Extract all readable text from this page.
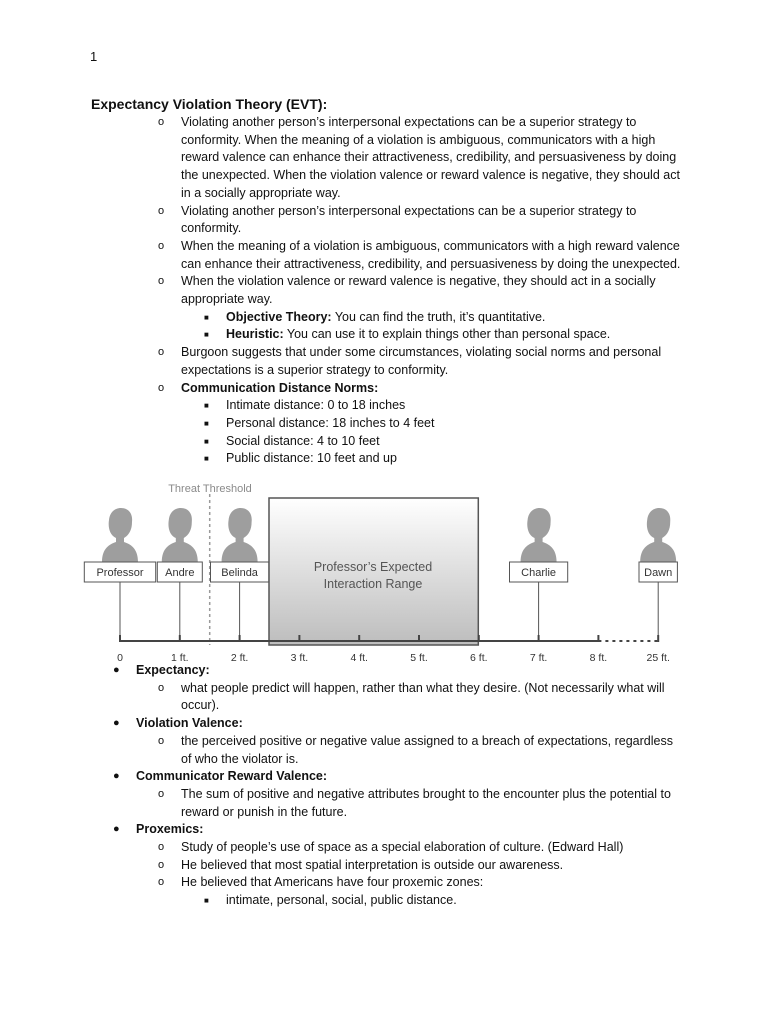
1
Expectancy Violation Theory (EVT):
o Violating another person’s interpersonal expectations can be a superior strategy to conformity. When the meaning of a violation is ambiguous, communicators with a high reward valence can enhance their attractiveness, credibility, and persuasiveness by doing the unexpected. When the violation valence or reward valence is negative, they should act in a socially appropriate way.
o Violating another person’s interpersonal expectations can be a superior strategy to conformity.
o When the meaning of a violation is ambiguous, communicators with a high reward valence can enhance their attractiveness, credibility, and persuasiveness by doing the unexpected.
o When the violation valence or reward valence is negative, they should act in a socially appropriate way.
■ Objective Theory: You can find the truth, it’s quantitative.
■ Heuristic: You can use it to explain things other than personal space.
o Burgoon suggests that under some circumstances, violating social norms and personal expectations is a superior strategy to conformity.
o Communication Distance Norms:
■ Intimate distance: 0 to 18 inches
■ Personal distance: 18 inches to 4 feet
■ Social distance: 4 to 10 feet
■ Public distance: 10 feet and up
Professor’s Expected
Interaction Range
Threat Threshold
Professor Andre Belinda	Charlie	Dawn
0	1 ft.	2 ft.	3 ft.	4 ft.	5 ft.	6 ft.	7 ft.	8 ft.	25 ft.
● Expectancy:
o what people predict will happen, rather than what they desire. (Not necessarily what will occur).
● Violation Valence:
o the perceived positive or negative value assigned to a breach of expectations, regardless of who the violator is.
● Communicator Reward Valence:
o The sum of positive and negative attributes brought to the encounter plus the potential to reward or punish in the future.
● Proxemics:
o Study of people’s use of space as a special elaboration of culture. (Edward Hall)
o He believed that most spatial interpretation is outside our awareness.
o He believed that Americans have four proxemic zones:
■ intimate, personal, social, public distance.
